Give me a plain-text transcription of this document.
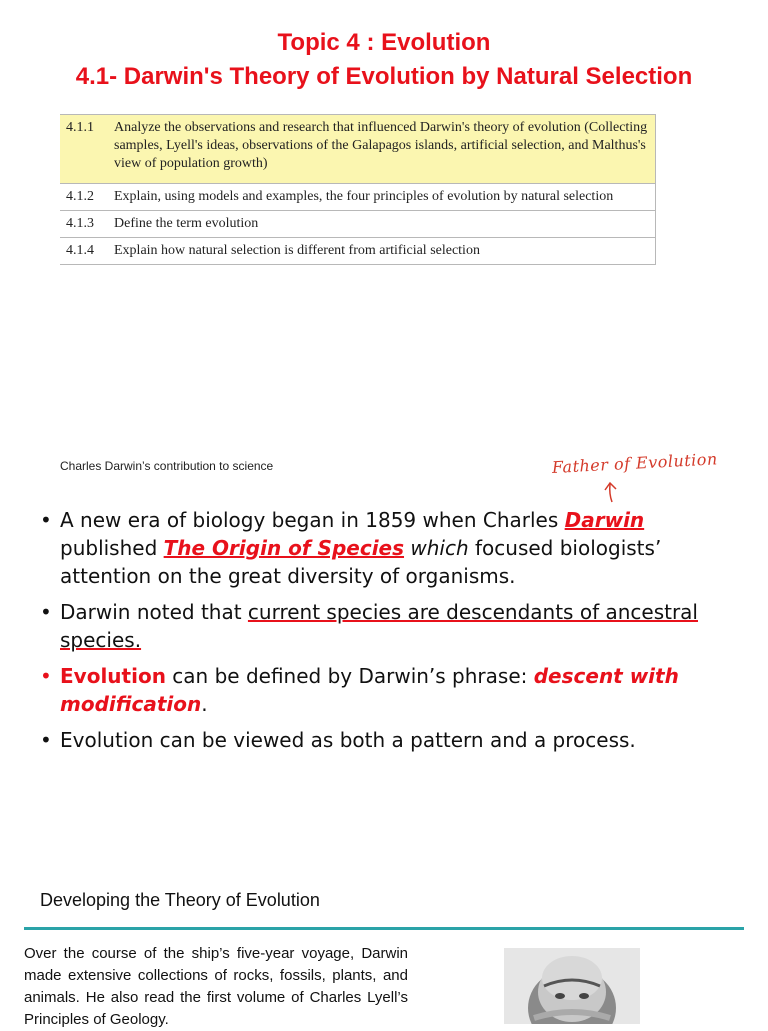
Topic 4 : Evolution
4.1- Darwin's Theory of Evolution by Natural Selection
4.1.1	Analyze the observations and research that influenced Darwin's theory of evolution (Collecting samples, Lyell's ideas, observations of the Galapagos islands, artificial selection, and Malthus's view of population growth)
4.1.2	Explain, using models and examples, the four principles of evolution by natural selection
4.1.3	Define the term evolution
4.1.4	Explain how natural selection is different from artificial selection
Charles Darwin’s contribution to science	Father of Evolution
• A new era of biology began in 1859 when Charles Darwin published The Origin of Species which focused biologists’ attention on the great diversity of organisms.
• Darwin noted that current species are descendants of ancestral species.
• Evolution can be defined by Darwin’s phrase: descent with modification.
• Evolution can be viewed as both a pattern and a process.
Developing the Theory of Evolution
Over the course of the ship’s five-year voyage, Darwin made extensive collections of rocks, fossils, plants, and animals. He also read the first volume of Charles Lyell’s Principles of Geology.
